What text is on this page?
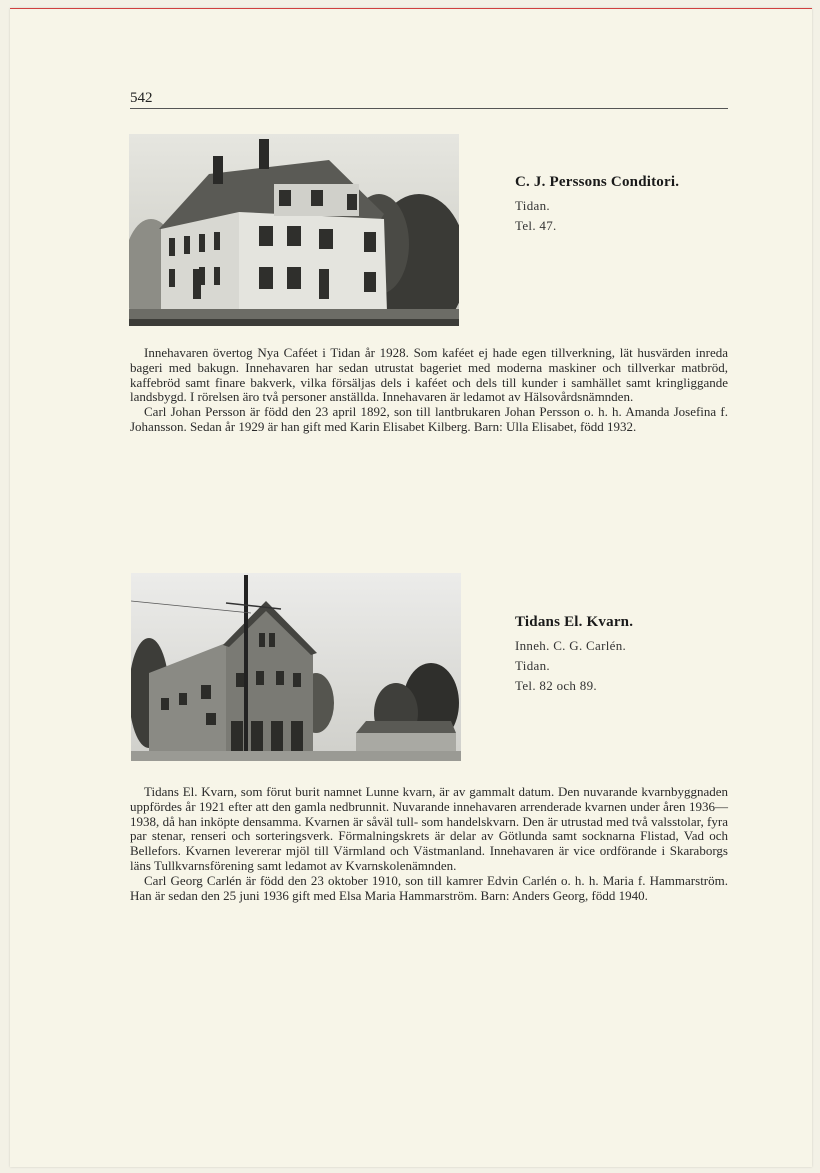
542
C. J. Perssons Conditori.
Tidan.
Tel. 47.

Innehavaren övertog Nya Caféet i Tidan år 1928. Som kaféet ej hade egen tillverkning, lät husvärden inreda bageri med bakugn. Innehavaren har sedan utrustat bageriet med moderna maskiner och tillverkar matbröd, kaffebröd samt finare bakverk, vilka försäljas dels i kaféet och dels till kunder i samhället samt kringliggande landsbygd. I rörelsen äro två personer anställda. Innehavaren är ledamot av Hälsovårdsnämnden.

Carl Johan Persson är född den 23 april 1892, son till lantbrukaren Johan Persson o. h. h. Amanda Josefina f. Johansson. Sedan år 1929 är han gift med Karin Elisabet Kilberg. Barn: Ulla Elisabet, född 1932.

Tidans El. Kvarn.
Inneh. C. G. Carlén.
Tidan.
Tel. 82 och 89.

Tidans El. Kvarn, som förut burit namnet Lunne kvarn, är av gammalt datum. Den nuvarande kvarnbyggnaden uppfördes år 1921 efter att den gamla nedbrunnit. Nuvarande innehavaren arrenderade kvarnen under åren 1936—1938, då han inköpte densamma. Kvarnen är såväl tull- som handelskvarn. Den är utrustad med två valsstolar, fyra par stenar, renseri och sorteringsverk. Förmalningskrets är delar av Götlunda samt socknarna Flistad, Vad och Bellefors. Kvarnen levererar mjöl till Värmland och Västmanland. Innehavaren är vice ordförande i Skaraborgs läns Tullkvarnsförening samt ledamot av Kvarnskolenämnden.

Carl Georg Carlén är född den 23 oktober 1910, son till kamrer Edvin Carlén o. h. h. Maria f. Hammarström. Han är sedan den 25 juni 1936 gift med Elsa Maria Hammarström. Barn: Anders Georg, född 1940.
